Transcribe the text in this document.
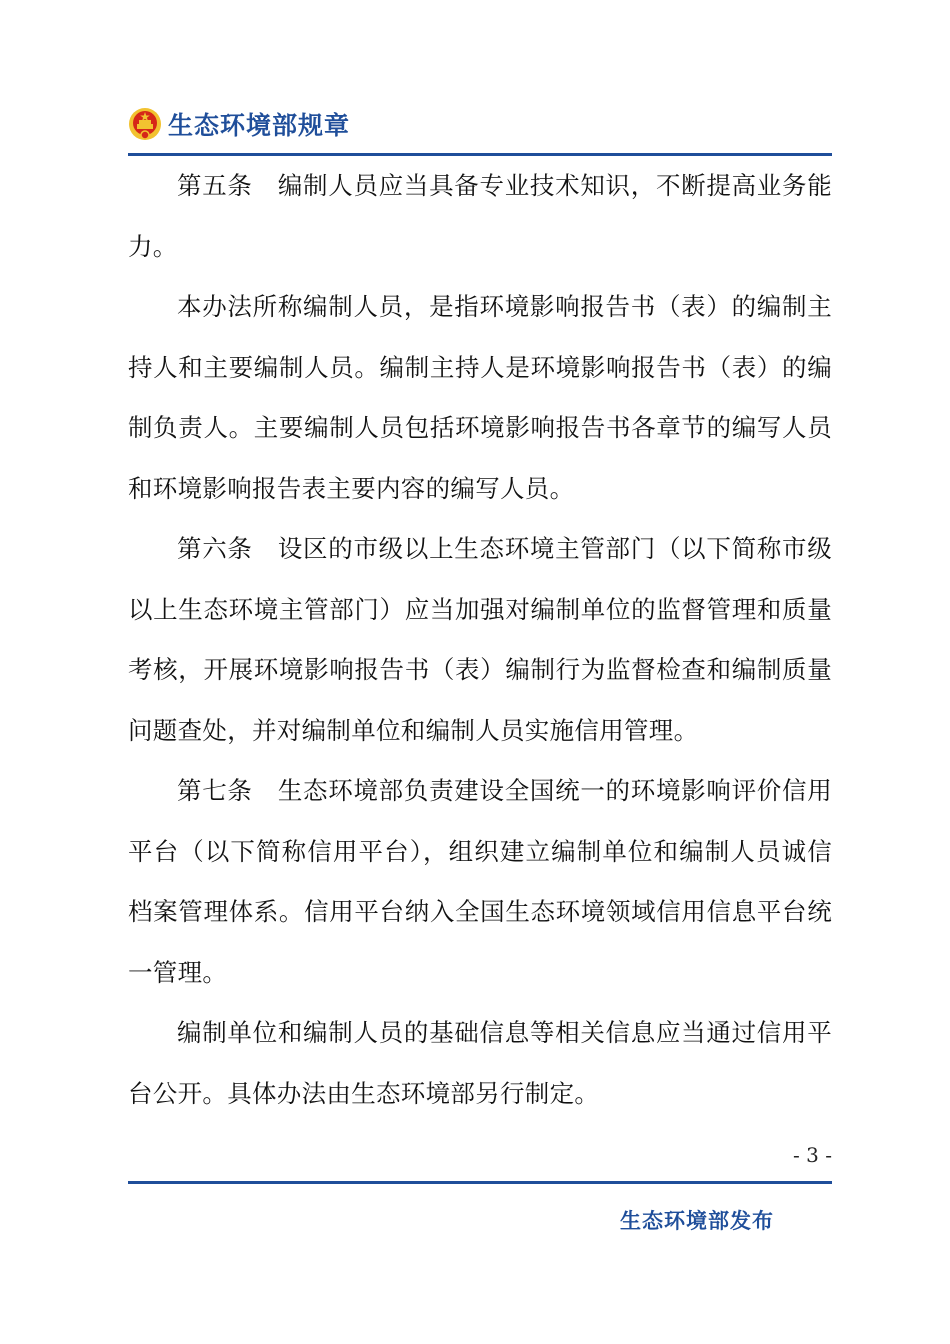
生态环境部规章

第五条　编制人员应当具备专业技术知识，不断提高业务能力。

本办法所称编制人员，是指环境影响报告书（表）的编制主持人和主要编制人员。编制主持人是环境影响报告书（表）的编制负责人。主要编制人员包括环境影响报告书各章节的编写人员和环境影响报告表主要内容的编写人员。

第六条　设区的市级以上生态环境主管部门（以下简称市级以上生态环境主管部门）应当加强对编制单位的监督管理和质量考核，开展环境影响报告书（表）编制行为监督检查和编制质量问题查处，并对编制单位和编制人员实施信用管理。

第七条　生态环境部负责建设全国统一的环境影响评价信用平台（以下简称信用平台），组织建立编制单位和编制人员诚信档案管理体系。信用平台纳入全国生态环境领域信用信息平台统一管理。

编制单位和编制人员的基础信息等相关信息应当通过信用平台公开。具体办法由生态环境部另行制定。

- 3 -
生态环境部发布
